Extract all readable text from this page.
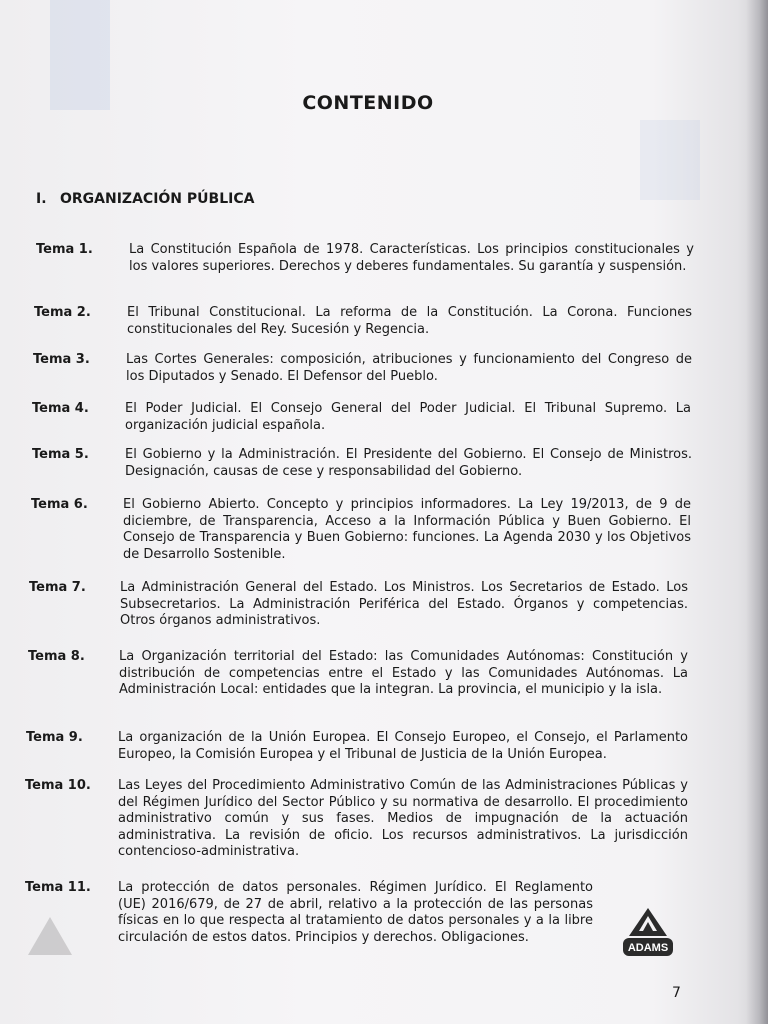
CONTENIDO
I. ORGANIZACIÓN PÚBLICA
Tema 1.	La Constitución Española de 1978. Características. Los principios constitucionales y los valores superiores. Derechos y deberes fundamentales. Su garantía y suspensión.
Tema 2.	El Tribunal Constitucional. La reforma de la Constitución. La Corona. Funciones constitucionales del Rey. Sucesión y Regencia.
Tema 3.	Las Cortes Generales: composición, atribuciones y funcionamiento del Congreso de los Diputados y Senado. El Defensor del Pueblo.
Tema 4.	El Poder Judicial. El Consejo General del Poder Judicial. El Tribunal Supremo. La organización judicial española.
Tema 5.	El Gobierno y la Administración. El Presidente del Gobierno. El Consejo de Ministros. Designación, causas de cese y responsabilidad del Gobierno.
Tema 6.	El Gobierno Abierto. Concepto y principios informadores. La Ley 19/2013, de 9 de diciembre, de Transparencia, Acceso a la Información Pública y Buen Gobierno. El Consejo de Transparencia y Buen Gobierno: funciones. La Agenda 2030 y los Objetivos de Desarrollo Sostenible.
Tema 7.	La Administración General del Estado. Los Ministros. Los Secretarios de Estado. Los Subsecretarios. La Administración Periférica del Estado. Órganos y competencias. Otros órganos administrativos.
Tema 8.	La Organización territorial del Estado: las Comunidades Autónomas: Constitución y distribución de competencias entre el Estado y las Comunidades Autónomas. La Administración Local: entidades que la integran. La provincia, el municipio y la isla.
Tema 9.	La organización de la Unión Europea. El Consejo Europeo, el Consejo, el Parlamento Europeo, la Comisión Europea y el Tribunal de Justicia de la Unión Europea.
Tema 10.	Las Leyes del Procedimiento Administrativo Común de las Administraciones Públicas y del Régimen Jurídico del Sector Público y su normativa de desarrollo. El procedimiento administrativo común y sus fases. Medios de impugnación de la actuación administrativa. La revisión de oficio. Los recursos administrativos. La jurisdicción contencioso-administrativa.
Tema 11.	La protección de datos personales. Régimen Jurídico. El Reglamento (UE) 2016/679, de 27 de abril, relativo a la protección de las personas físicas en lo que respecta al tratamiento de datos personales y a la libre circulación de estos datos. Principios y derechos. Obligaciones.
ADAMS
7
